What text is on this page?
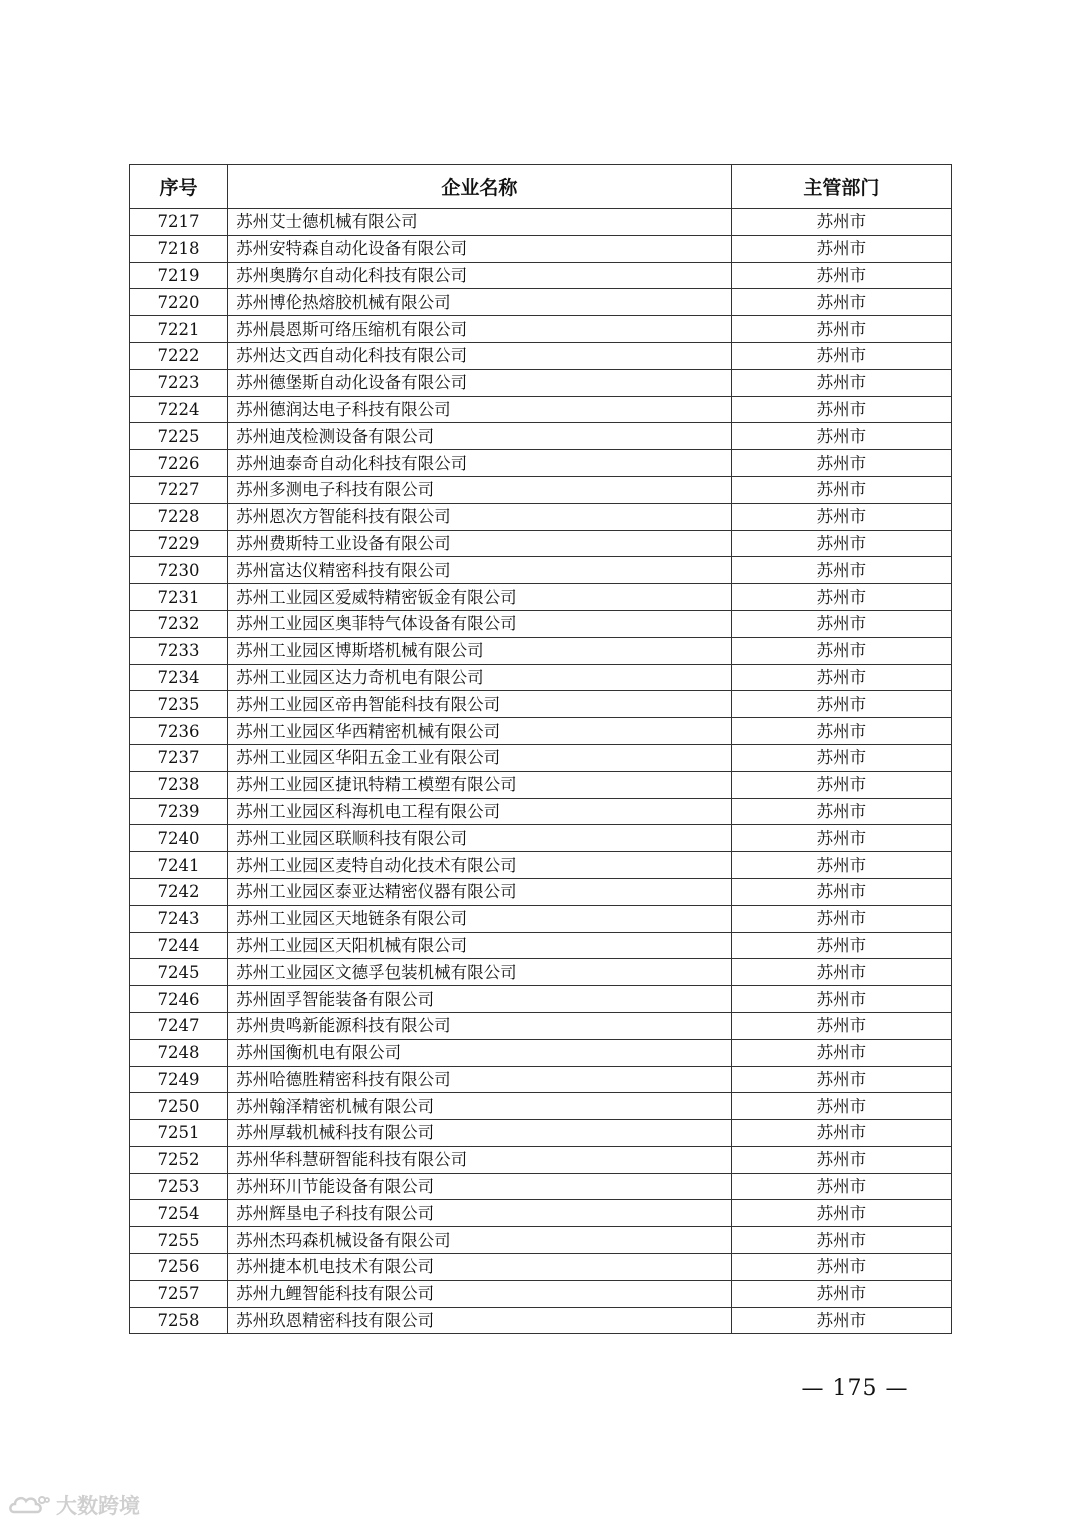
序号	企业名称	主管部门
7217	苏州艾士德机械有限公司	苏州市
7218	苏州安特森自动化设备有限公司	苏州市
7219	苏州奥腾尔自动化科技有限公司	苏州市
7220	苏州博伦热熔胶机械有限公司	苏州市
7221	苏州晨恩斯可络压缩机有限公司	苏州市
7222	苏州达文西自动化科技有限公司	苏州市
7223	苏州德堡斯自动化设备有限公司	苏州市
7224	苏州德润达电子科技有限公司	苏州市
7225	苏州迪茂检测设备有限公司	苏州市
7226	苏州迪泰奇自动化科技有限公司	苏州市
7227	苏州多测电子科技有限公司	苏州市
7228	苏州恩次方智能科技有限公司	苏州市
7229	苏州费斯特工业设备有限公司	苏州市
7230	苏州富达仪精密科技有限公司	苏州市
7231	苏州工业园区爱威特精密钣金有限公司	苏州市
7232	苏州工业园区奥菲特气体设备有限公司	苏州市
7233	苏州工业园区博斯塔机械有限公司	苏州市
7234	苏州工业园区达力奇机电有限公司	苏州市
7235	苏州工业园区帝冉智能科技有限公司	苏州市
7236	苏州工业园区华西精密机械有限公司	苏州市
7237	苏州工业园区华阳五金工业有限公司	苏州市
7238	苏州工业园区捷讯特精工模塑有限公司	苏州市
7239	苏州工业园区科海机电工程有限公司	苏州市
7240	苏州工业园区联顺科技有限公司	苏州市
7241	苏州工业园区麦特自动化技术有限公司	苏州市
7242	苏州工业园区泰亚达精密仪器有限公司	苏州市
7243	苏州工业园区天地链条有限公司	苏州市
7244	苏州工业园区天阳机械有限公司	苏州市
7245	苏州工业园区文德孚包装机械有限公司	苏州市
7246	苏州固孚智能装备有限公司	苏州市
7247	苏州贵鸣新能源科技有限公司	苏州市
7248	苏州国衡机电有限公司	苏州市
7249	苏州哈德胜精密科技有限公司	苏州市
7250	苏州翰泽精密机械有限公司	苏州市
7251	苏州厚载机械科技有限公司	苏州市
7252	苏州华科慧研智能科技有限公司	苏州市
7253	苏州环川节能设备有限公司	苏州市
7254	苏州辉垦电子科技有限公司	苏州市
7255	苏州杰玛森机械设备有限公司	苏州市
7256	苏州捷本机电技术有限公司	苏州市
7257	苏州九鲤智能科技有限公司	苏州市
7258	苏州玖恩精密科技有限公司	苏州市
— 175 —
大数跨境
